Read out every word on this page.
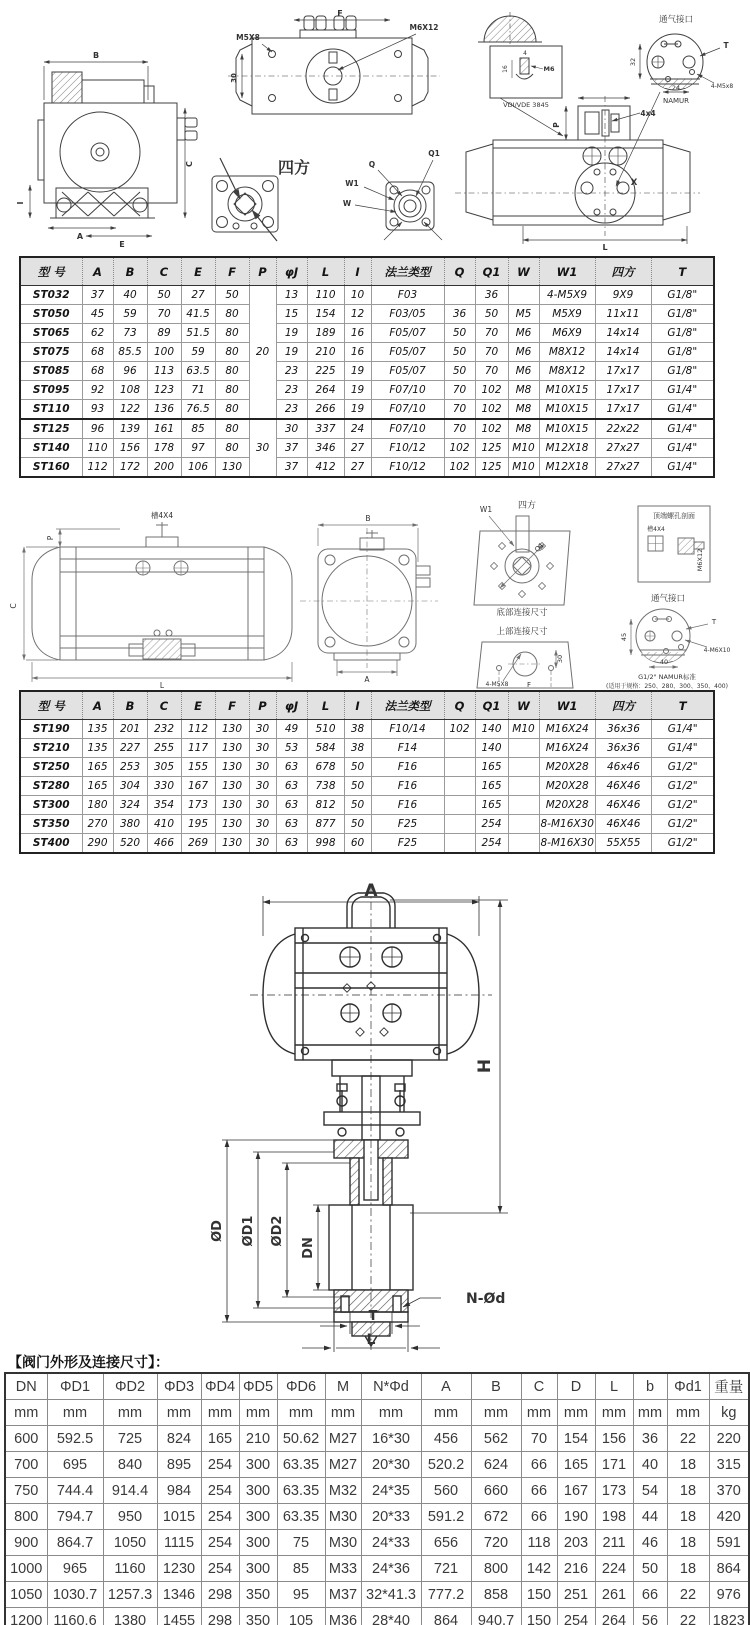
B
C
I
A
E
F
30
M5X8
M6X12
四方
Q1
Q
W1
W
4
16	M6
VDI/VDE 3845
通气接口
32
24
T
4-M5x8
NAMUR
P
4x4
X
L
型 号	A	B	C	E	F	P	φJ	L	I	法兰类型	Q	Q1	W	W1	四方	T
ST032	37	40	50	27	50	20	13	110	10	F03		36		4-M5X9	9X9	G1/8"
ST050	45	59	70	41.5	80		15	154	12	F03/05	36	50	M5	M5X9	11x11	G1/8"
ST065	62	73	89	51.5	80		19	189	16	F05/07	50	70	M6	M6X9	14x14	G1/8"
ST075	68	85.5	100	59	80		19	210	16	F05/07	50	70	M6	M8X12	14x14	G1/8"
ST085	68	96	113	63.5	80		23	225	19	F05/07	50	70	M6	M8X12	17x17	G1/8"
ST095	92	108	123	71	80		23	264	19	F07/10	70	102	M8	M10X15	17x17	G1/4"
ST110	93	122	136	76.5	80		23	266	19	F07/10	70	102	M8	M10X15	17x17	G1/4"
ST125	96	139	161	85	80	30	30	337	24	F07/10	70	102	M8	M10X15	22x22	G1/4"
ST140	110	156	178	97	80		37	346	27	F10/12	102	125	M10	M12X18	27x27	G1/4"
ST160	112	172	200	106	130		37	412	27	F10/12	102	125	M10	M12X18	27x27	G1/4"
槽4X4
P
C
L
B
A
W1	四方
Q1
底部连接尺寸
上部连接尺寸
4-M5X8	F
30
顶端螺孔剖面
槽4X4
M6X12
通气接口
45
40
T
4-M6X10
G1/2" NAMUR标准
(适用于规格：250、280、300、350、400)
型 号	A	B	C	E	F	P	φJ	L	I	法兰类型	Q	Q1	W	W1	四方	T
ST190	135	201	232	112	130	30	49	510	38	F10/14	102	140	M10	M16X24	36x36	G1/4"
ST210	135	227	255	117	130	30	53	584	38	F14		140		M16X24	36x36	G1/4"
ST250	165	253	305	155	130	30	63	678	50	F16		165		M20X28	46x46	G1/2"
ST280	165	304	330	167	130	30	63	738	50	F16		165		M20X28	46X46	G1/2"
ST300	180	324	354	173	130	30	63	812	50	F16		165		M20X28	46X46	G1/2"
ST350	270	380	410	195	130	30	63	877	50	F25		254		8-M16X30	46X46	G1/2"
ST400	290	520	466	269	130	30	63	998	60	F25		254		8-M16X30	55X55	G1/2"
A
H
ØD ØD1 ØD2
DN
N-Ød
T
L
【阀门外形及连接尺寸】：
DN	ΦD1	ΦD2	ΦD3	ΦD4	ΦD5	ΦD6	M	N*Φd	A	B	C	D	L	b	Φd1	重量
mm	mm	mm	mm	mm	mm	mm	mm	mm	mm	mm	mm	mm	mm	mm	mm	kg
600	592.5	725	824	165	210	50.62	M27	16*30	456	562	70	154	156	36	22	220
700	695	840	895	254	300	63.35	M27	20*30	520.2	624	66	165	171	40	18	315
750	744.4	914.4	984	254	300	63.35	M32	24*35	560	660	66	167	173	54	18	370
800	794.7	950	1015	254	300	63.35	M30	20*33	591.2	672	66	190	198	44	18	420
900	864.7	1050	1115	254	300	75	M30	24*33	656	720	118	203	211	46	18	591
1000	965	1160	1230	254	300	85	M33	24*36	721	800	142	216	224	50	18	864
1050	1030.7	1257.3	1346	298	350	95	M37	32*41.3	777.2	858	150	251	261	66	22	976
1200	1160.6	1380	1455	298	350	105	M36	28*40	864	940.7	150	254	264	56	22	1823
